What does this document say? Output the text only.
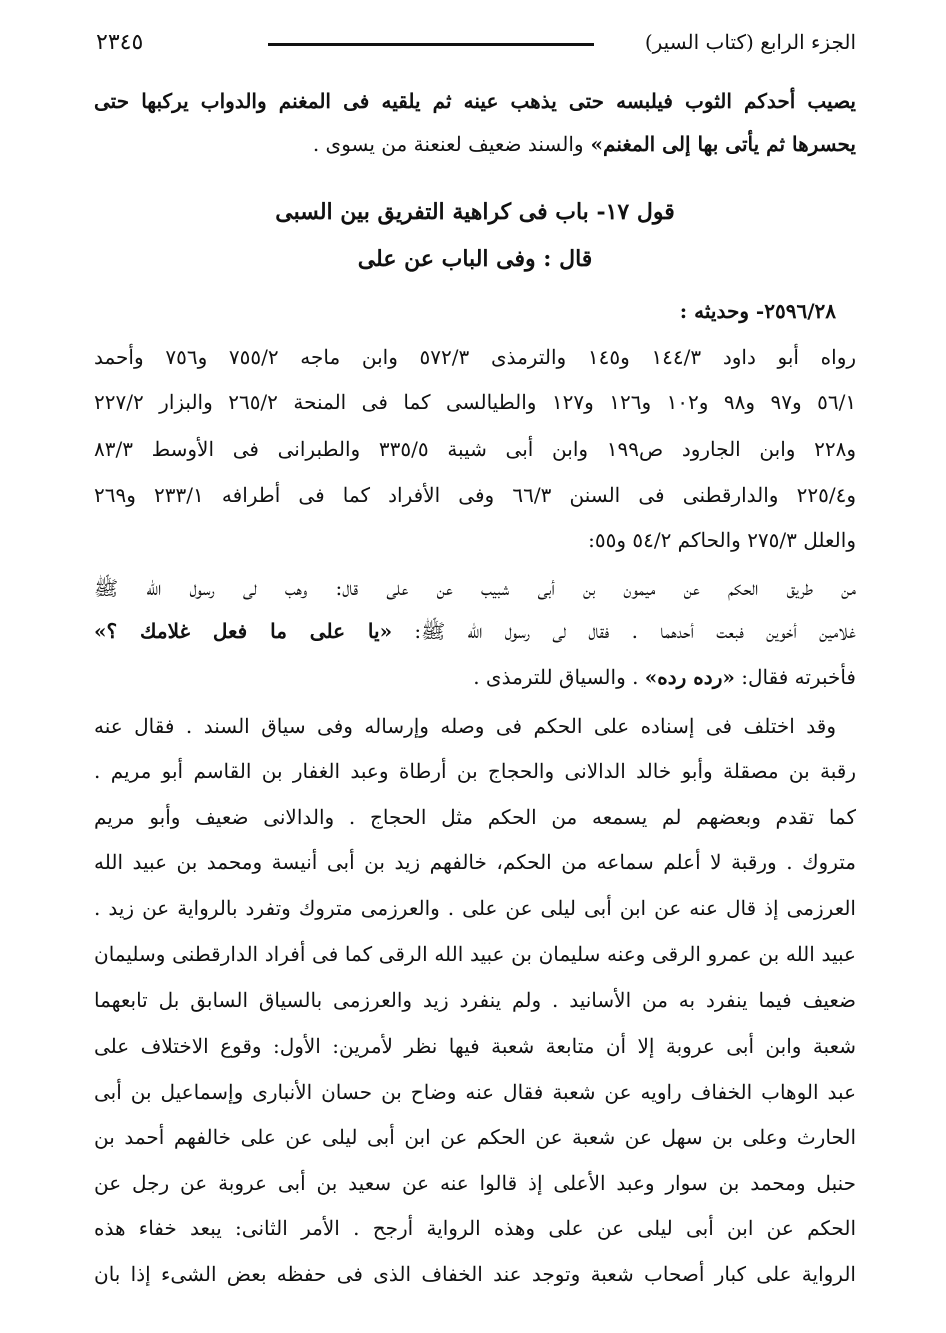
الجزء الرابع (كتاب السير)
٢٣٤٥
يصيب أحدكم الثوب فيلبسه حتى يذهب عينه ثم يلقيه فى المغنم والدواب يركبها حتى
يحسرها ثم يأتى بها إلى المغنم» والسند ضعيف لعنعنة من يسوى .
قول ١٧- باب فى كراهية التفريق بين السبى
قال : وفى الباب عن على
٢٥٩٦/٢٨- وحديثه :
رواه أبو داود ١٤٤/٣ و١٤٥ والترمذى ٥٧٢/٣ وابن ماجه ٧٥٥/٢ و٧٥٦ وأحمد
٥٦/١ و٩٧ و٩٨ و١٠٢ و١٢٦ و١٢٧ والطيالسى كما فى المنحة ٢٦٥/٢ والبزار ٢٢٧/٢
و٢٢٨ وابن الجارود ص١٩٩ وابن أبى شيبة ٣٣٥/٥ والطبرانى فى الأوسط ٨٣/٣
و٢٢٥/٤ والدارقطنى فى السنن ٦٦/٣ وفى الأفراد كما فى أطرافه ٢٣٣/١ و٢٦٩
والعلل ٢٧٥/٣ والحاكم ٥٤/٢ و٥٥:
من طريق الحكم عن ميمون بن أبى شبيب عن على قال: وهب لى رسول الله ﷺ
غلامين أخوين فبعت أحدهما . فقال لى رسول الله ﷺ: «يا على ما فعل غلامك ؟»
فأخبرته فقال: «رده رده» . والسياق للترمذى .
وقد اختلف فى إسناده على الحكم فى وصله وإرساله وفى سياق السند . فقال عنه
رقبة بن مصقلة وأبو خالد الدالانى والحجاج بن أرطاة وعبد الغفار بن القاسم أبو مريم .
كما تقدم وبعضهم لم يسمعه من الحكم مثل الحجاج . والدالانى ضعيف وأبو مريم
متروك . ورقبة لا أعلم سماعه من الحكم، خالفهم زيد بن أبى أنيسة ومحمد بن عبيد الله
العرزمى إذ قال عنه عن ابن أبى ليلى عن على . والعرزمى متروك وتفرد بالرواية عن زيد .
عبيد الله بن عمرو الرقى وعنه سليمان بن عبيد الله الرقى كما فى أفراد الدارقطنى وسليمان
ضعيف فيما ينفرد به من الأسانيد . ولم ينفرد زيد والعرزمى بالسياق السابق بل تابعهما
شعبة وابن أبى عروبة إلا أن متابعة شعبة فيها نظر لأمرين: الأول: وقوع الاختلاف على
عبد الوهاب الخفاف راويه عن شعبة فقال عنه وضاح بن حسان الأنبارى وإسماعيل بن أبى
الحارث وعلى بن سهل عن شعبة عن الحكم عن ابن أبى ليلى عن على خالفهم أحمد بن
حنبل ومحمد بن سوار وعبد الأعلى إذ قالوا عنه عن سعيد بن أبى عروبة عن رجل عن
الحكم عن ابن أبى ليلى عن على وهذه الرواية أرجح . الأمر الثانى: يبعد خفاء هذه
الرواية على كبار أصحاب شعبة وتوجد عند الخفاف الذى فى حفظه بعض الشىء إذا بان
